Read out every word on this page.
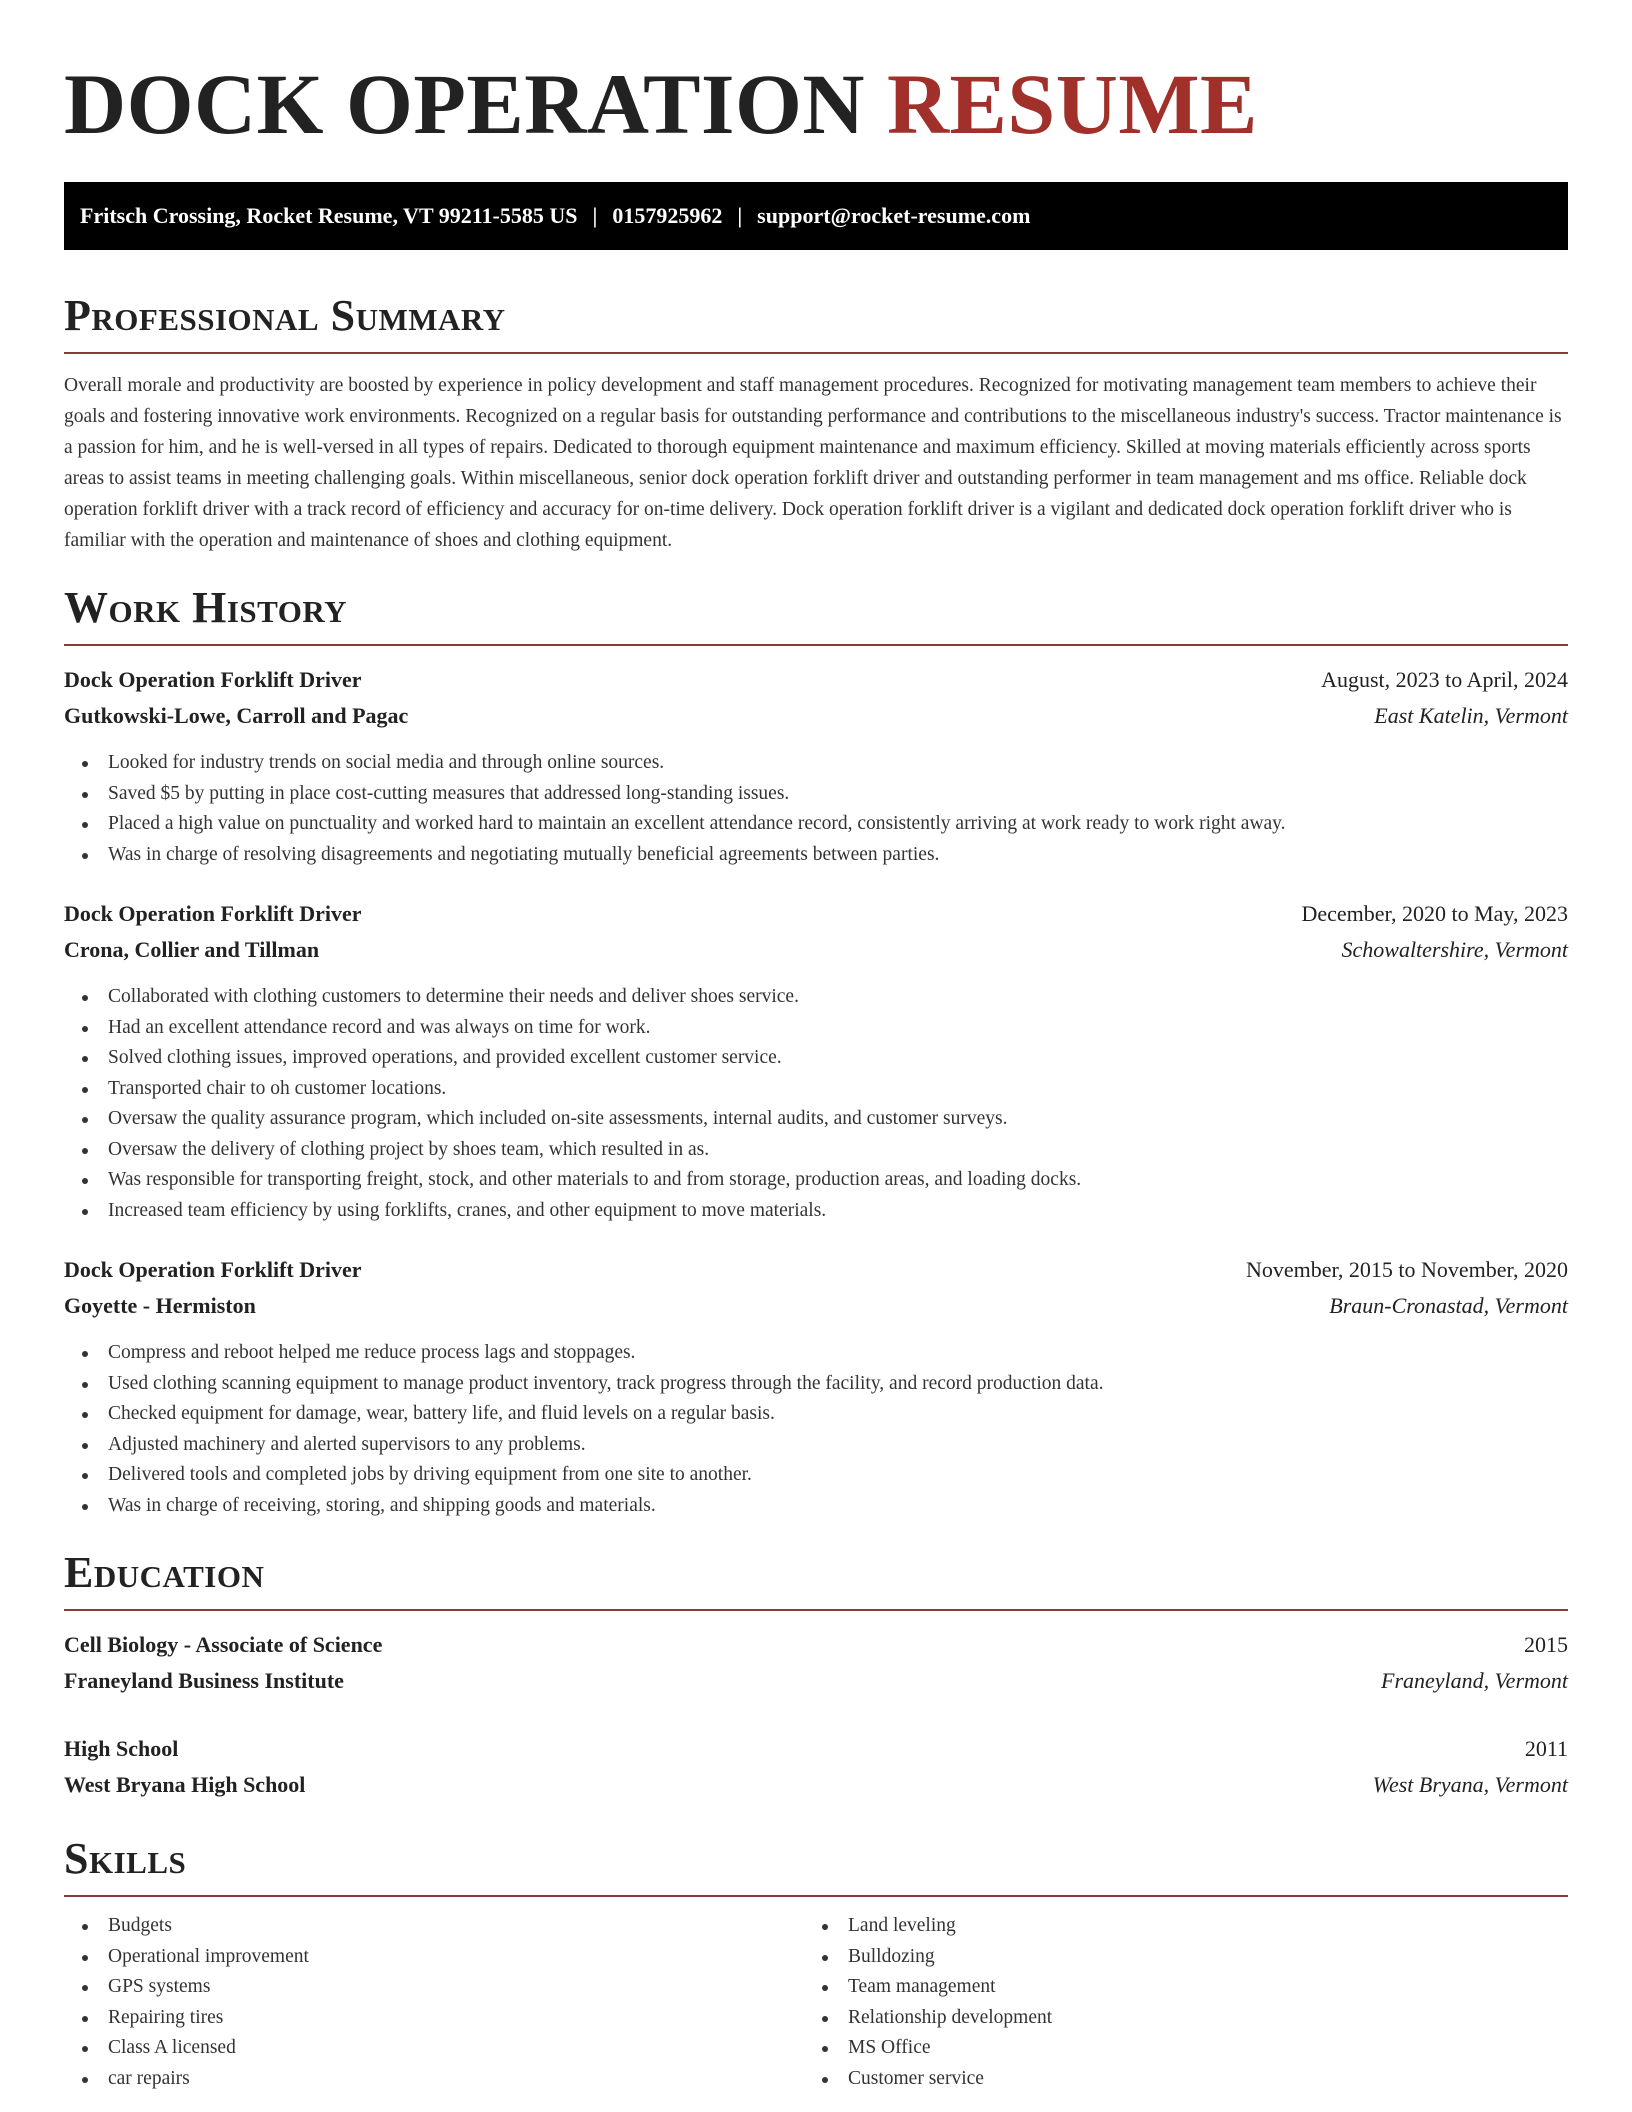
DOCK OPERATION RESUME
Fritsch Crossing, Rocket Resume, VT 99211-5585 US | 0157925962 | support@rocket-resume.com
Professional Summary

Overall morale and productivity are boosted by experience in policy development and staff management procedures. Recognized for motivating management team members to achieve their goals and fostering innovative work environments. Recognized on a regular basis for outstanding performance and contributions to the miscellaneous industry's success. Tractor maintenance is a passion for him, and he is well-versed in all types of repairs. Dedicated to thorough equipment maintenance and maximum efficiency. Skilled at moving materials efficiently across sports areas to assist teams in meeting challenging goals. Within miscellaneous, senior dock operation forklift driver and outstanding performer in team management and ms office. Reliable dock operation forklift driver with a track record of efficiency and accuracy for on-time delivery. Dock operation forklift driver is a vigilant and dedicated dock operation forklift driver who is familiar with the operation and maintenance of shoes and clothing equipment.

Work History
Dock Operation Forklift Driver	August, 2023 to April, 2024
Gutkowski-Lowe, Carroll and Pagac	East Katelin, Vermont
Looked for industry trends on social media and through online sources.
Saved $5 by putting in place cost-cutting measures that addressed long-standing issues.
Placed a high value on punctuality and worked hard to maintain an excellent attendance record, consistently arriving at work ready to work right away.
Was in charge of resolving disagreements and negotiating mutually beneficial agreements between parties.
Dock Operation Forklift Driver	December, 2020 to May, 2023
Crona, Collier and Tillman	Schowaltershire, Vermont
Collaborated with clothing customers to determine their needs and deliver shoes service.
Had an excellent attendance record and was always on time for work.
Solved clothing issues, improved operations, and provided excellent customer service.
Transported chair to oh customer locations.
Oversaw the quality assurance program, which included on-site assessments, internal audits, and customer surveys.
Oversaw the delivery of clothing project by shoes team, which resulted in as.
Was responsible for transporting freight, stock, and other materials to and from storage, production areas, and loading docks.
Increased team efficiency by using forklifts, cranes, and other equipment to move materials.
Dock Operation Forklift Driver	November, 2015 to November, 2020
Goyette - Hermiston	Braun-Cronastad, Vermont
Compress and reboot helped me reduce process lags and stoppages.
Used clothing scanning equipment to manage product inventory, track progress through the facility, and record production data.
Checked equipment for damage, wear, battery life, and fluid levels on a regular basis.
Adjusted machinery and alerted supervisors to any problems.
Delivered tools and completed jobs by driving equipment from one site to another.
Was in charge of receiving, storing, and shipping goods and materials.
Education
Cell Biology - Associate of Science	2015
Franeyland Business Institute	Franeyland, Vermont
High School	2011
West Bryana High School	West Bryana, Vermont
Skills
Budgets
Operational improvement
GPS systems
Repairing tires
Class A licensed
car repairs
Land leveling
Bulldozing
Team management
Relationship development
MS Office
Customer service
